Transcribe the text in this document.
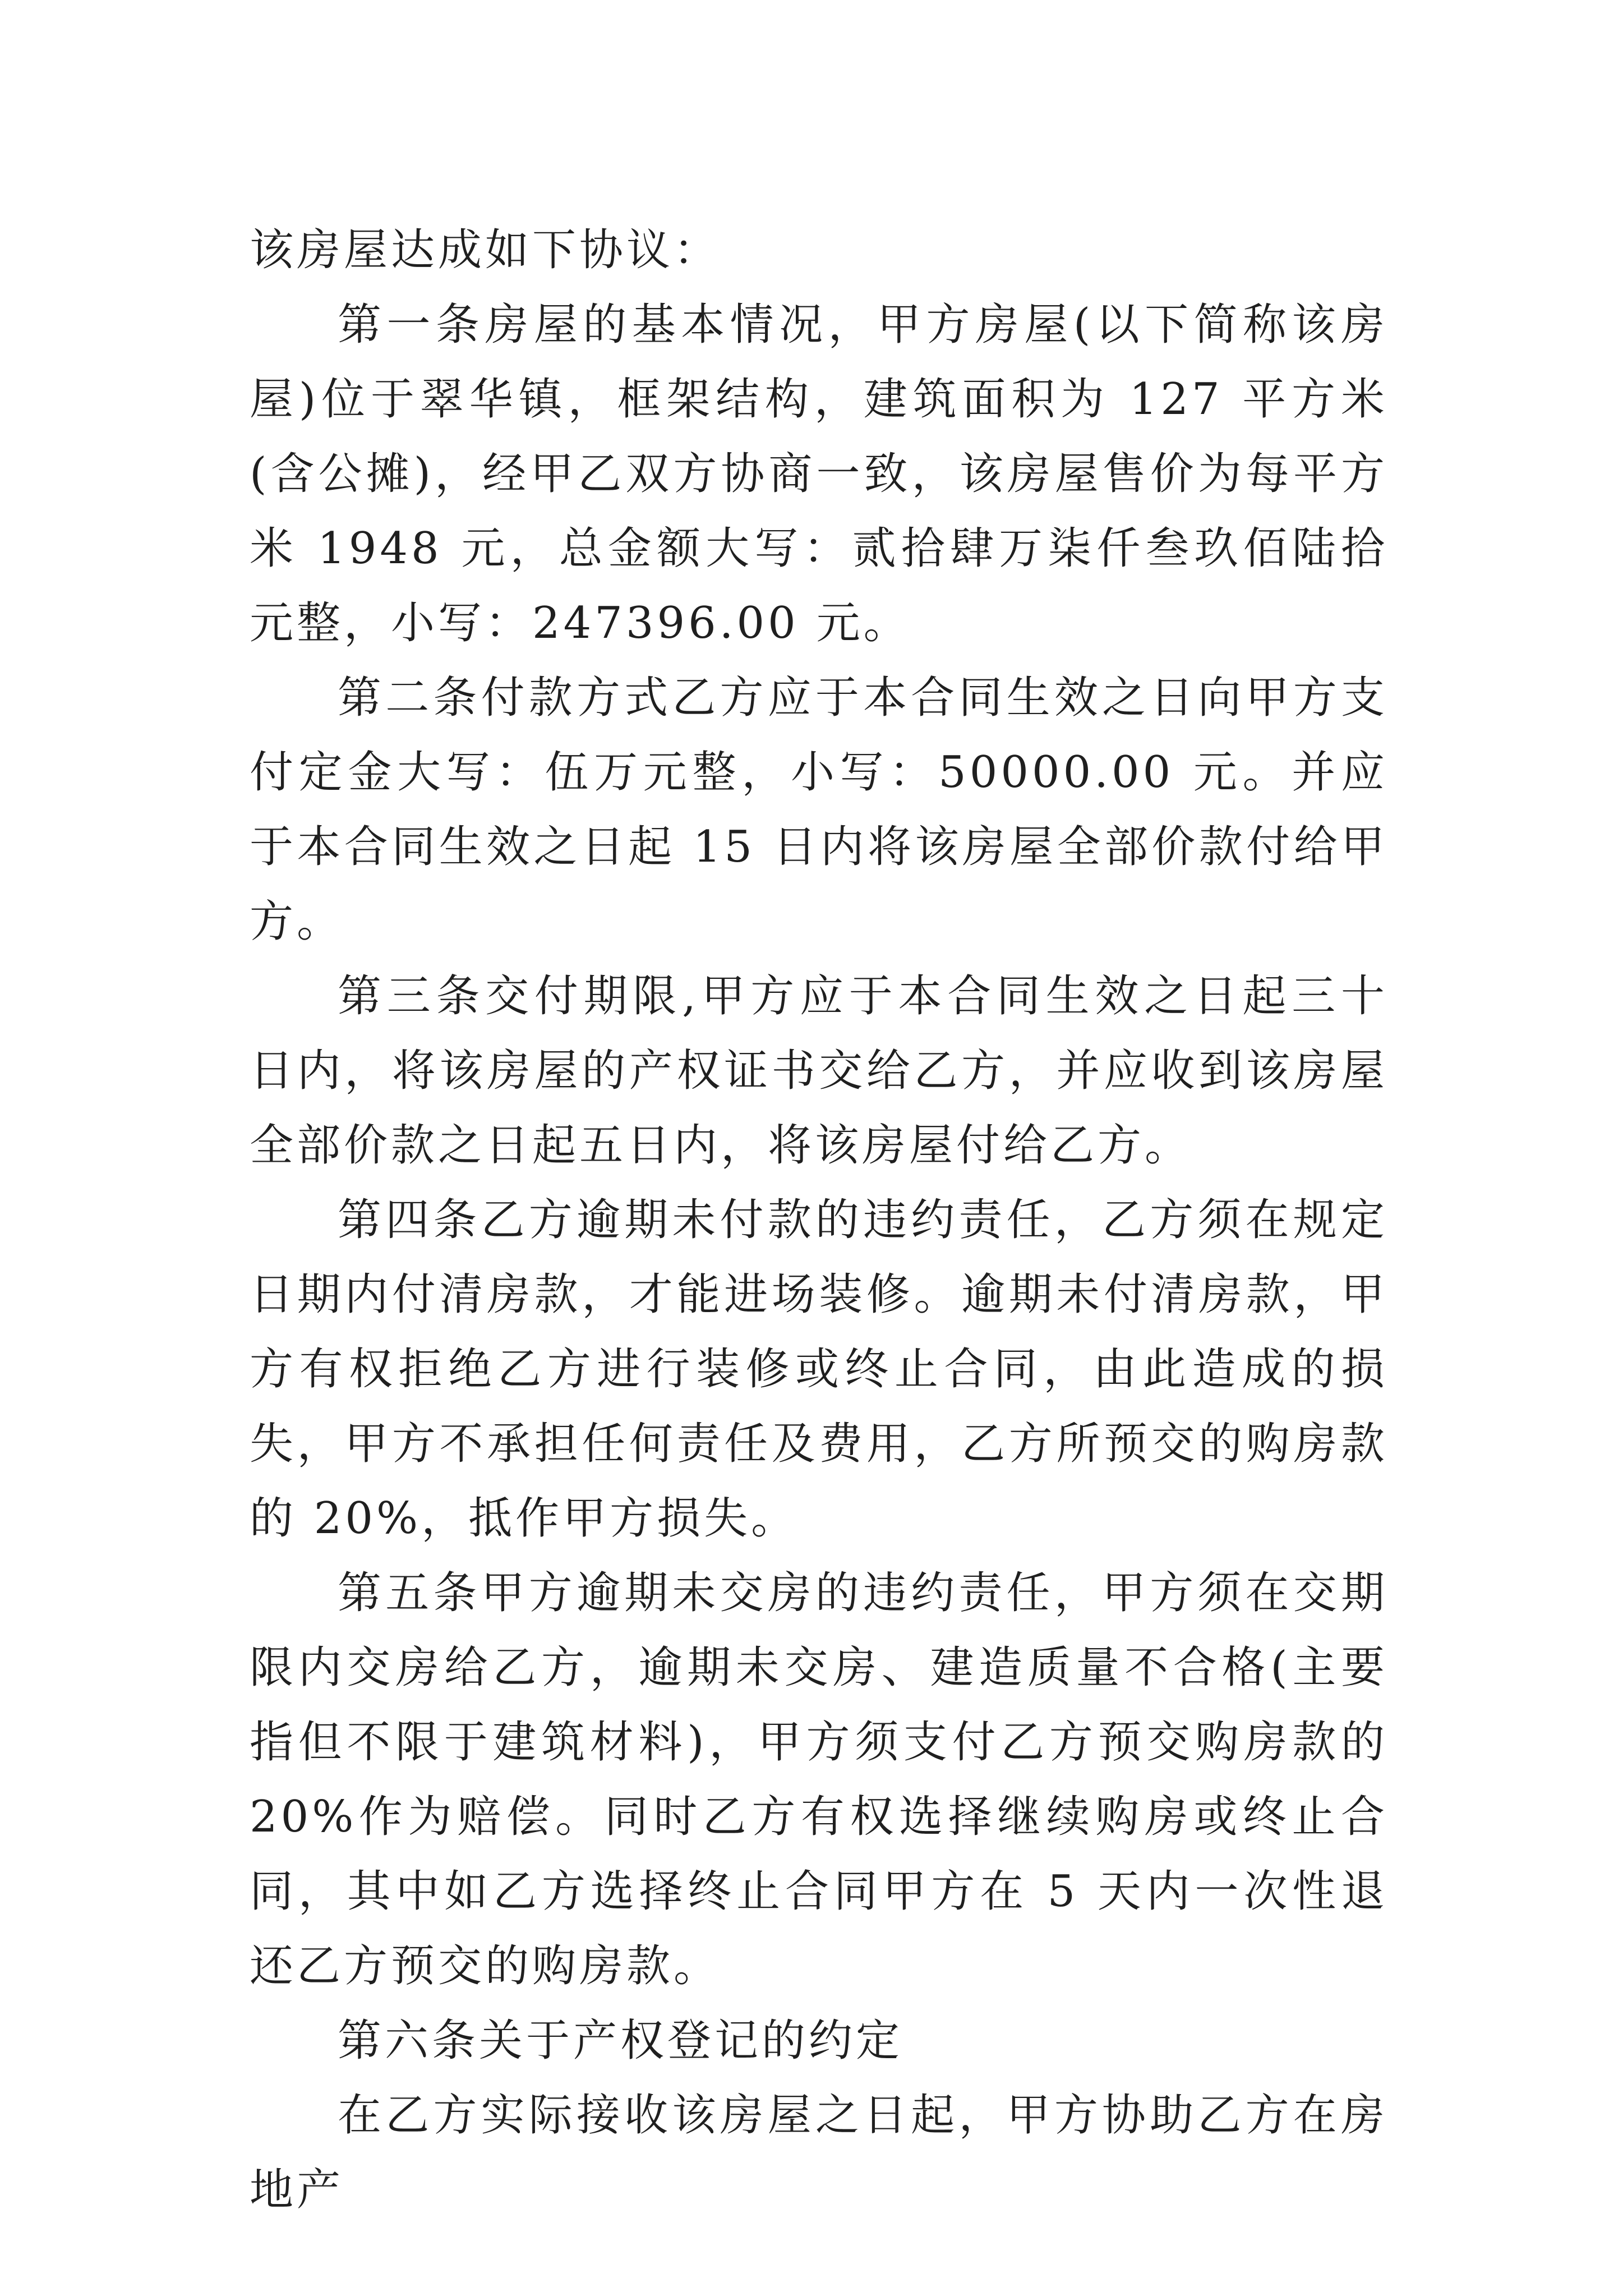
该房屋达成如下协议：

第一条房屋的基本情况，甲方房屋(以下简称该房屋)位于翠华镇，框架结构，建筑面积为 127 平方米(含公摊)，经甲乙双方协商一致，该房屋售价为每平方米 1948 元，总金额大写：贰拾肆万柒仟叁玖佰陆拾元整，小写：247396.00 元。

第二条付款方式乙方应于本合同生效之日向甲方支付定金大写：伍万元整，小写：50000.00 元。并应于本合同生效之日起 15 日内将该房屋全部价款付给甲方。

第三条交付期限,甲方应于本合同生效之日起三十日内，将该房屋的产权证书交给乙方，并应收到该房屋全部价款之日起五日内，将该房屋付给乙方。

第四条乙方逾期未付款的违约责任，乙方须在规定日期内付清房款，才能进场装修。逾期未付清房款，甲方有权拒绝乙方进行装修或终止合同，由此造成的损失，甲方不承担任何责任及费用，乙方所预交的购房款的 20%，抵作甲方损失。

第五条甲方逾期未交房的违约责任，甲方须在交期限内交房给乙方，逾期未交房、建造质量不合格(主要指但不限于建筑材料)，甲方须支付乙方预交购房款的 20%作为赔偿。同时乙方有权选择继续购房或终止合同，其中如乙方选择终止合同甲方在 5 天内一次性退还乙方预交的购房款。

第六条关于产权登记的约定

在乙方实际接收该房屋之日起，甲方协助乙方在房地产
